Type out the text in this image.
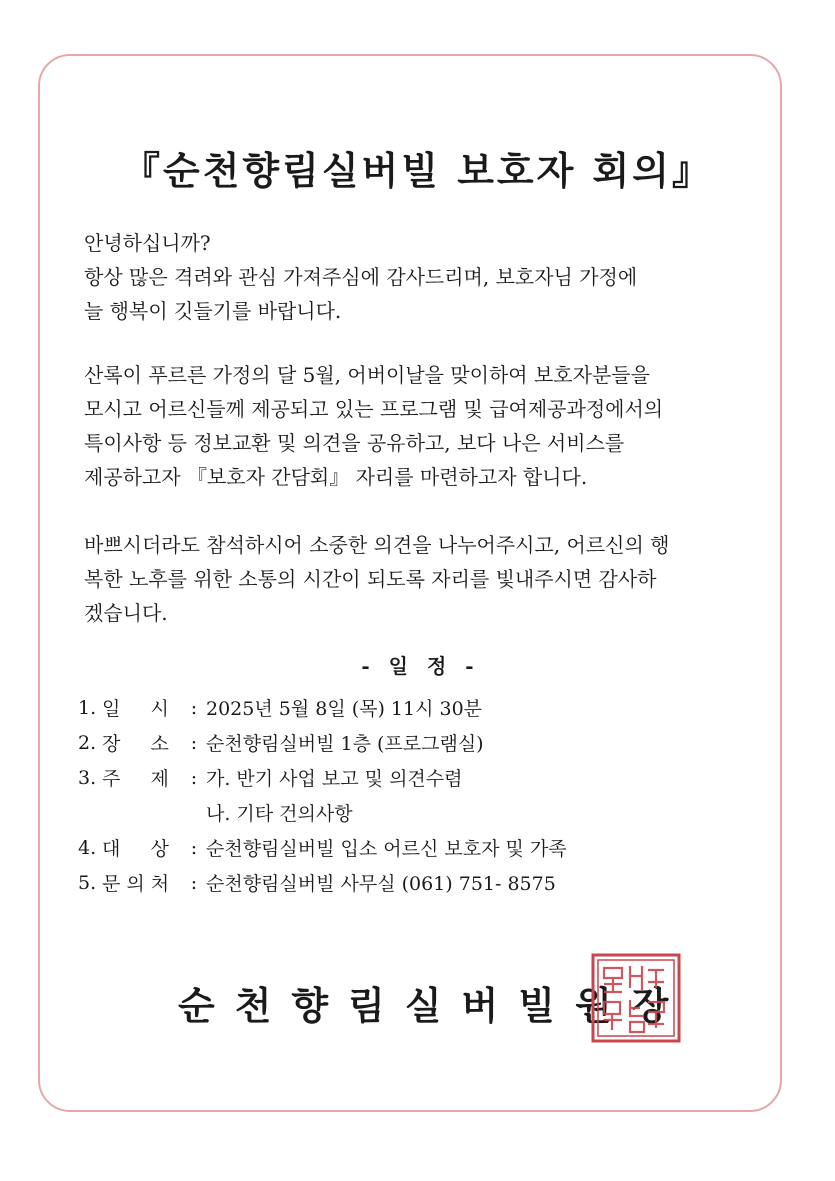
『순천향림실버빌 보호자 회의』

안녕하십니까?

항상 많은 격려와 관심 가져주심에 감사드리며, 보호자님 가정에

늘 행복이 깃들기를 바랍니다.

산록이 푸르른 가정의 달 5월, 어버이날을 맞이하여 보호자분들을

모시고 어르신들께 제공되고 있는 프로그램 및 급여제공과정에서의

특이사항 등 정보교환 및 의견을 공유하고, 보다 나은 서비스를

제공하고자 『보호자 간담회』 자리를 마련하고자 합니다.

바쁘시더라도 참석하시어 소중한 의견을 나누어주시고, 어르신의 행

복한 노후를 위한 소통의 시간이 되도록 자리를 빛내주시면 감사하

겠습니다.

- 일 정 -

1. 일     시	: 2025년 5월 8일 (목) 11시 30분
2. 장     소	: 순천향림실버빌 1층 (프로그램실)
3. 주     제	: 가. 반기 사업 보고 및 의견수렴
나. 기타 건의사항
4. 대     상	: 순천향림실버빌 입소 어르신 보호자 및 가족
5. 문 의 처	: 순천향림실버빌 사무실 (061) 751- 8575

순천향림실버빌원장
